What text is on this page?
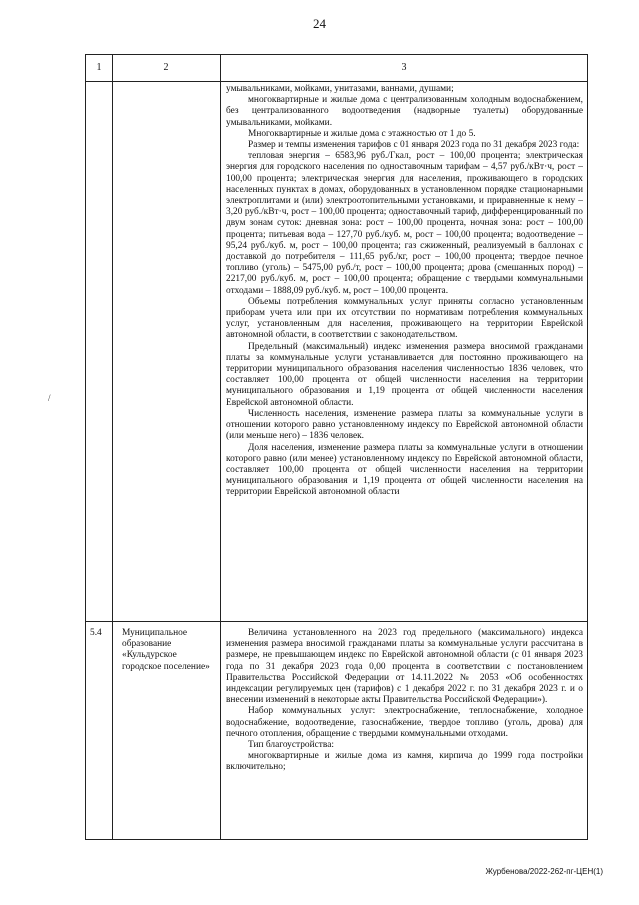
24
1	2	3

умывальниками, мойками, унитазами, ваннами, душами;

многоквартирные и жилые дома с централизованным холодным водоснабжением, без централизованного водоотведения (надворные туалеты) оборудованные умывальниками, мойками.

Многоквартирные и жилые дома с этажностью от 1 до 5.

Размер и темпы изменения тарифов с 01 января 2023 года по 31 декабря 2023 года:

тепловая энергия – 6583,96 руб./Гкал, рост – 100,00 процента; электрическая энергия для городского населения по одноставочным тарифам – 4,57 руб./кВт·ч, рост – 100,00 процента; электрическая энергия для населения, проживающего в городских населенных пунктах в домах, оборудованных в установленном порядке стационарными электроплитами и (или) электроотопительными установками, и приравненные к нему – 3,20 руб./кВт·ч, рост – 100,00 процента; одноставочный тариф, дифференцированный по двум зонам суток: дневная зона: рост – 100,00 процента, ночная зона: рост – 100,00 процента; питьевая вода – 127,70 руб./куб. м, рост – 100,00 процента; водоотведение – 95,24 руб./куб. м, рост – 100,00 процента; газ сжиженный, реализуемый в баллонах с доставкой до потребителя – 111,65 руб./кг, рост – 100,00 процента; твердое печное топливо (уголь) – 5475,00 руб./т, рост – 100,00 процента; дрова (смешанных пород) – 2217,00 руб./куб. м, рост – 100,00 процента; обращение с твердыми коммунальными отходами – 1888,09 руб./куб. м, рост – 100,00 процента.

Объемы потребления коммунальных услуг приняты согласно установленным приборам учета или при их отсутствии по нормативам потребления коммунальных услуг, установленным для населения, проживающего на территории Еврейской автономной области, в соответствии с законодательством.

Предельный (максимальный) индекс изменения размера вносимой гражданами платы за коммунальные услуги устанавливается для постоянно проживающего на территории муниципального образования населения численностью 1836 человек, что составляет 100,00 процента от общей численности населения на территории муниципального образования и 1,19 процента от общей численности населения Еврейской автономной области.

Численность населения, изменение размера платы за коммунальные услуги в отношении которого равно установленному индексу по Еврейской автономной области (или меньше него) – 1836 человек.

Доля населения, изменение размера платы за коммунальные услуги в отношении которого равно (или менее) установленному индексу по Еврейской автономной области, составляет 100,00 процента от общей численности населения на территории муниципального образования и 1,19 процента от общей численности населения на территории Еврейской автономной области

5.4 Муниципальное образование «Кульдурское городское поселение»

Величина установленного на 2023 год предельного (максимального) индекса изменения размера вносимой гражданами платы за коммунальные услуги рассчитана в размере, не превышающем индекс по Еврейской автономной области (с 01 января 2023 года по 31 декабря 2023 года 0,00 процента в соответствии с постановлением Правительства Российской Федерации от 14.11.2022 № 2053 «Об особенностях индексации регулируемых цен (тарифов) с 1 декабря 2022 г. по 31 декабря 2023 г. и о внесении изменений в некоторые акты Правительства Российской Федерации»).

Набор коммунальных услуг: электроснабжение, теплоснабжение, холодное водоснабжение, водоотведение, газоснабжение, твердое топливо (уголь, дрова) для печного отопления, обращение с твердыми коммунальными отходами.

Тип благоустройства:

многоквартирные и жилые дома из камня, кирпича до 1999 года постройки включительно;

/
Журбенова/2022-262-пг-ЦЕН(1)
